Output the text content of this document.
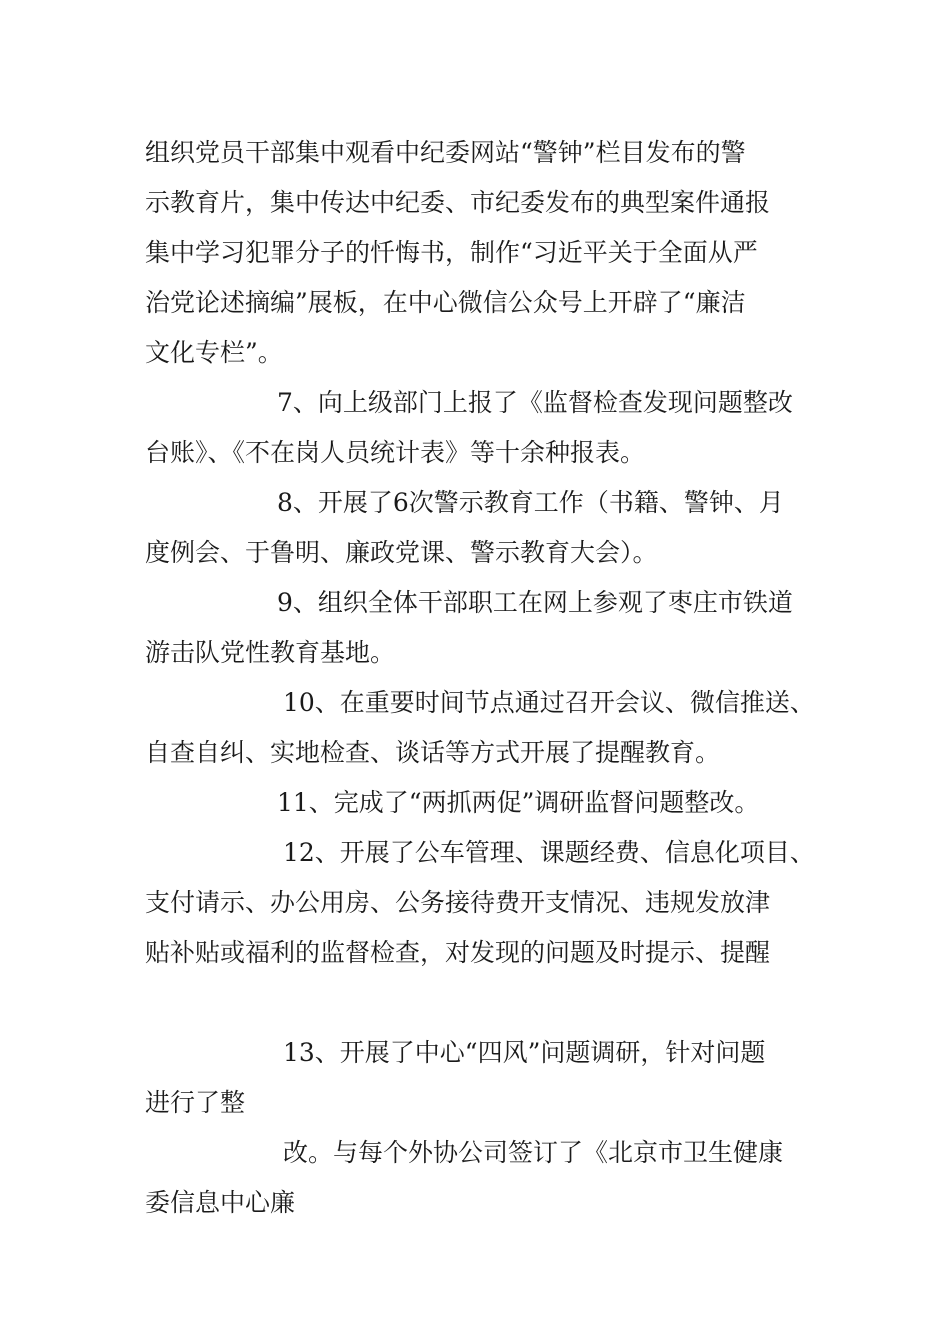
组织党员干部集中观看中纪委网站“警钟”栏目发布的警
示教育片，集中传达中纪委、市纪委发布的典型案件通报
集中学习犯罪分子的忏悔书，制作“习近平关于全面从严
治党论述摘编”展板，在中心微信公众号上开辟了“廉洁
文化专栏”。
7、向上级部门上报了《监督检查发现问题整改
台账》、《不在岗人员统计表》等十余种报表。
8、开展了6次警示教育工作（书籍、警钟、月
度例会、于鲁明、廉政党课、警示教育大会）。
9、组织全体干部职工在网上参观了枣庄市铁道
游击队党性教育基地。
10、在重要时间节点通过召开会议、微信推送、
自查自纠、实地检查、谈话等方式开展了提醒教育。
11、完成了“两抓两促”调研监督问题整改。
12、开展了公车管理、课题经费、信息化项目、
支付请示、办公用房、公务接待费开支情况、违规发放津
贴补贴或福利的监督检查，对发现的问题及时提示、提醒
13、开展了中心“四风”问题调研，针对问题
进行了整
改。与每个外协公司签订了《北京市卫生健康
委信息中心廉
